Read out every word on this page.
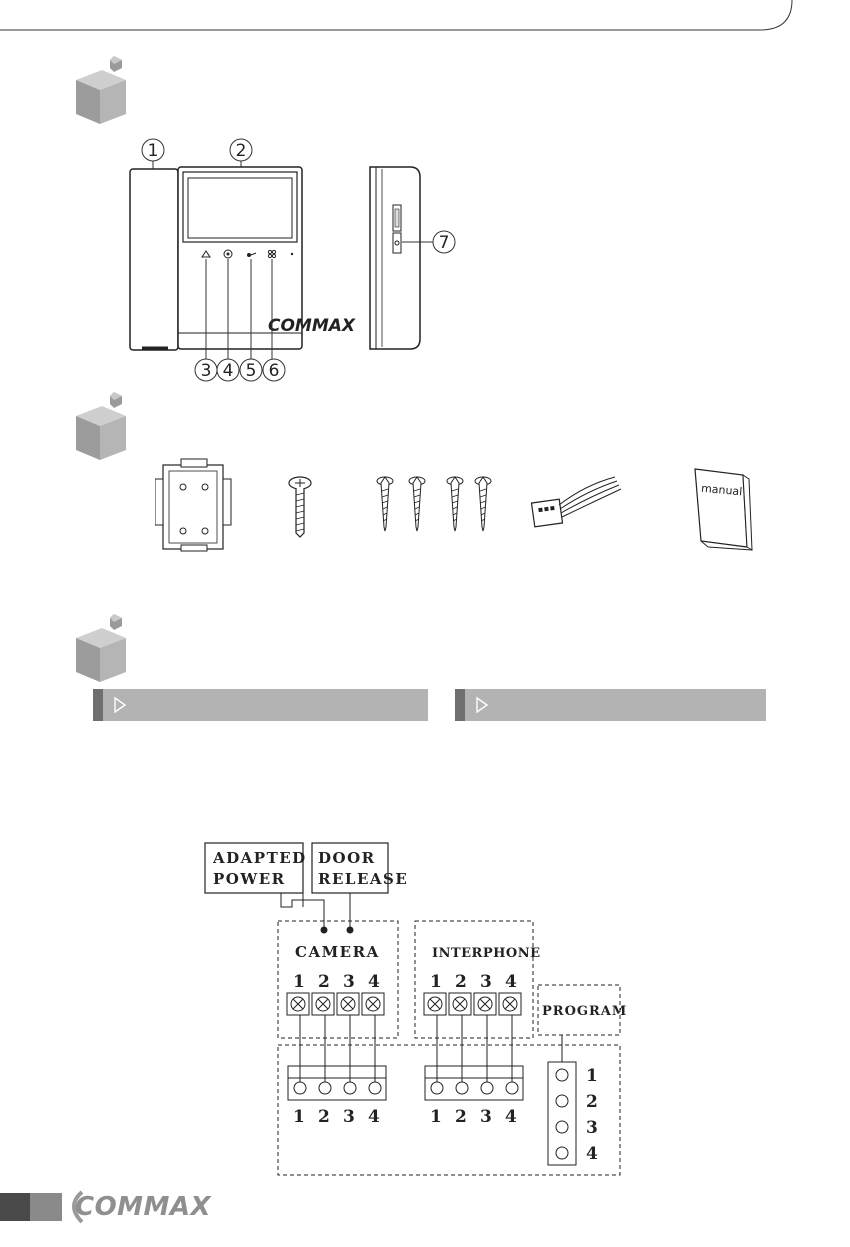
1	2
COMMAX
3 4 5 6
7
manual
ADAPTED
POWER
DOOR
RELEASE
CAMERA
1 2 3 4
INTERPHONE
1 2 3 4
PROGRAM
1 2 3 4	1 2 3 4
1
2
3
4
COMMAX
